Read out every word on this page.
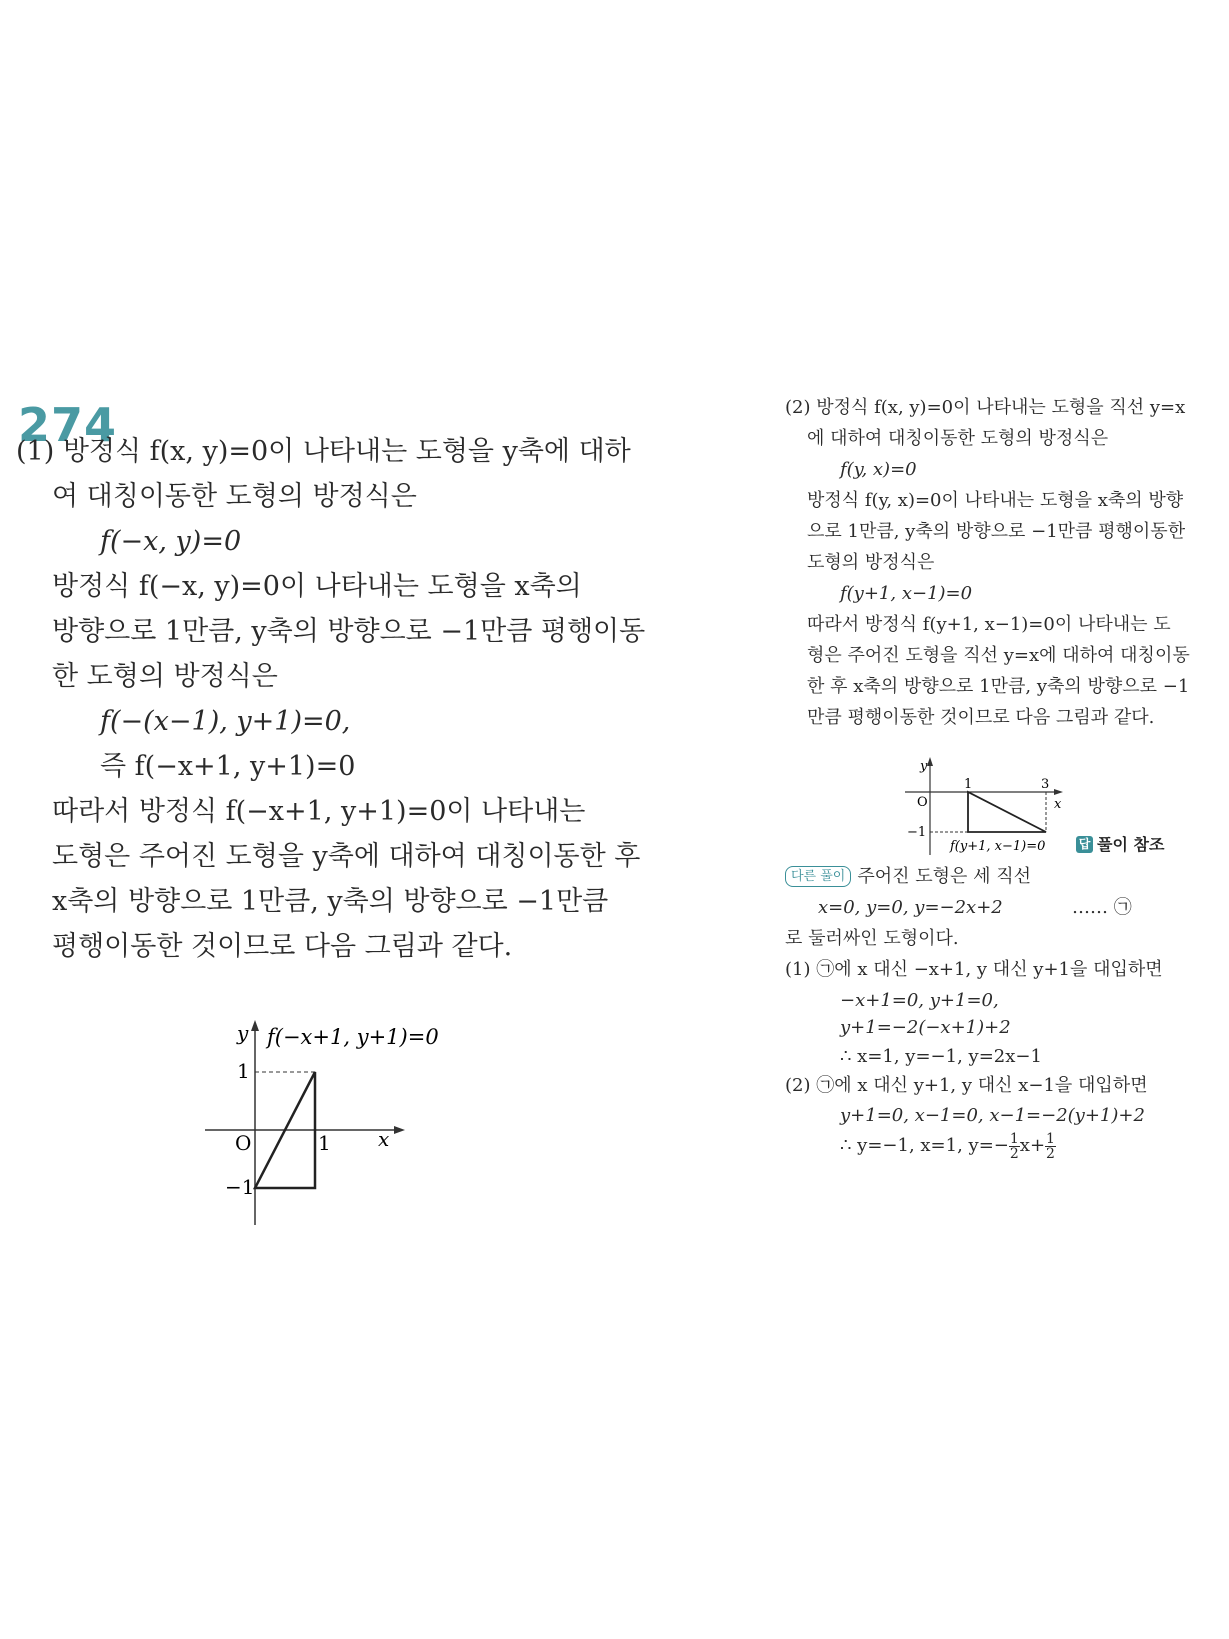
274
(1) 방정식 f(x, y)=0이 나타내는 도형을 y축에 대하
여 대칭이동한 도형의 방정식은
f(−x, y)=0
방정식 f(−x, y)=0이 나타내는 도형을 x축의
방향으로 1만큼, y축의 방향으로 −1만큼 평행이동
한 도형의 방정식은
f(−(x−1), y+1)=0,
즉 f(−x+1, y+1)=0
따라서 방정식 f(−x+1, y+1)=0이 나타내는
도형은 주어진 도형을 y축에 대하여 대칭이동한 후
x축의 방향으로 1만큼, y축의 방향으로 −1만큼
평행이동한 것이므로 다음 그림과 같다.
y
x
O
1
1
−1
f(−x+1, y+1)=0
(2) 방정식 f(x, y)=0이 나타내는 도형을 직선 y=x
에 대하여 대칭이동한 도형의 방정식은
f(y, x)=0
방정식 f(y, x)=0이 나타내는 도형을 x축의 방향
으로 1만큼, y축의 방향으로 −1만큼 평행이동한
도형의 방정식은
f(y+1, x−1)=0
따라서 방정식 f(y+1, x−1)=0이 나타내는 도
형은 주어진 도형을 직선 y=x에 대하여 대칭이동
한 후 x축의 방향으로 1만큼, y축의 방향으로 −1
만큼 평행이동한 것이므로 다음 그림과 같다.
y
x
O
1	3
−1
f(y+1, x−1)=0	답 풀이 참조
다른 풀이 주어진 도형은 세 직선
x=0, y=0, y=−2x+2	…… ㉠
로 둘러싸인 도형이다.
(1) ㉠에 x 대신 −x+1, y 대신 y+1을 대입하면
−x+1=0, y+1=0,
y+1=−2(−x+1)+2
∴ x=1, y=−1, y=2x−1
(2) ㉠에 x 대신 y+1, y 대신 x−1을 대입하면
y+1=0, x−1=0, x−1=−2(y+1)+2
∴ y=−1, x=1, $y=- \frac{1}{2} x+ \frac{1}{2}$
